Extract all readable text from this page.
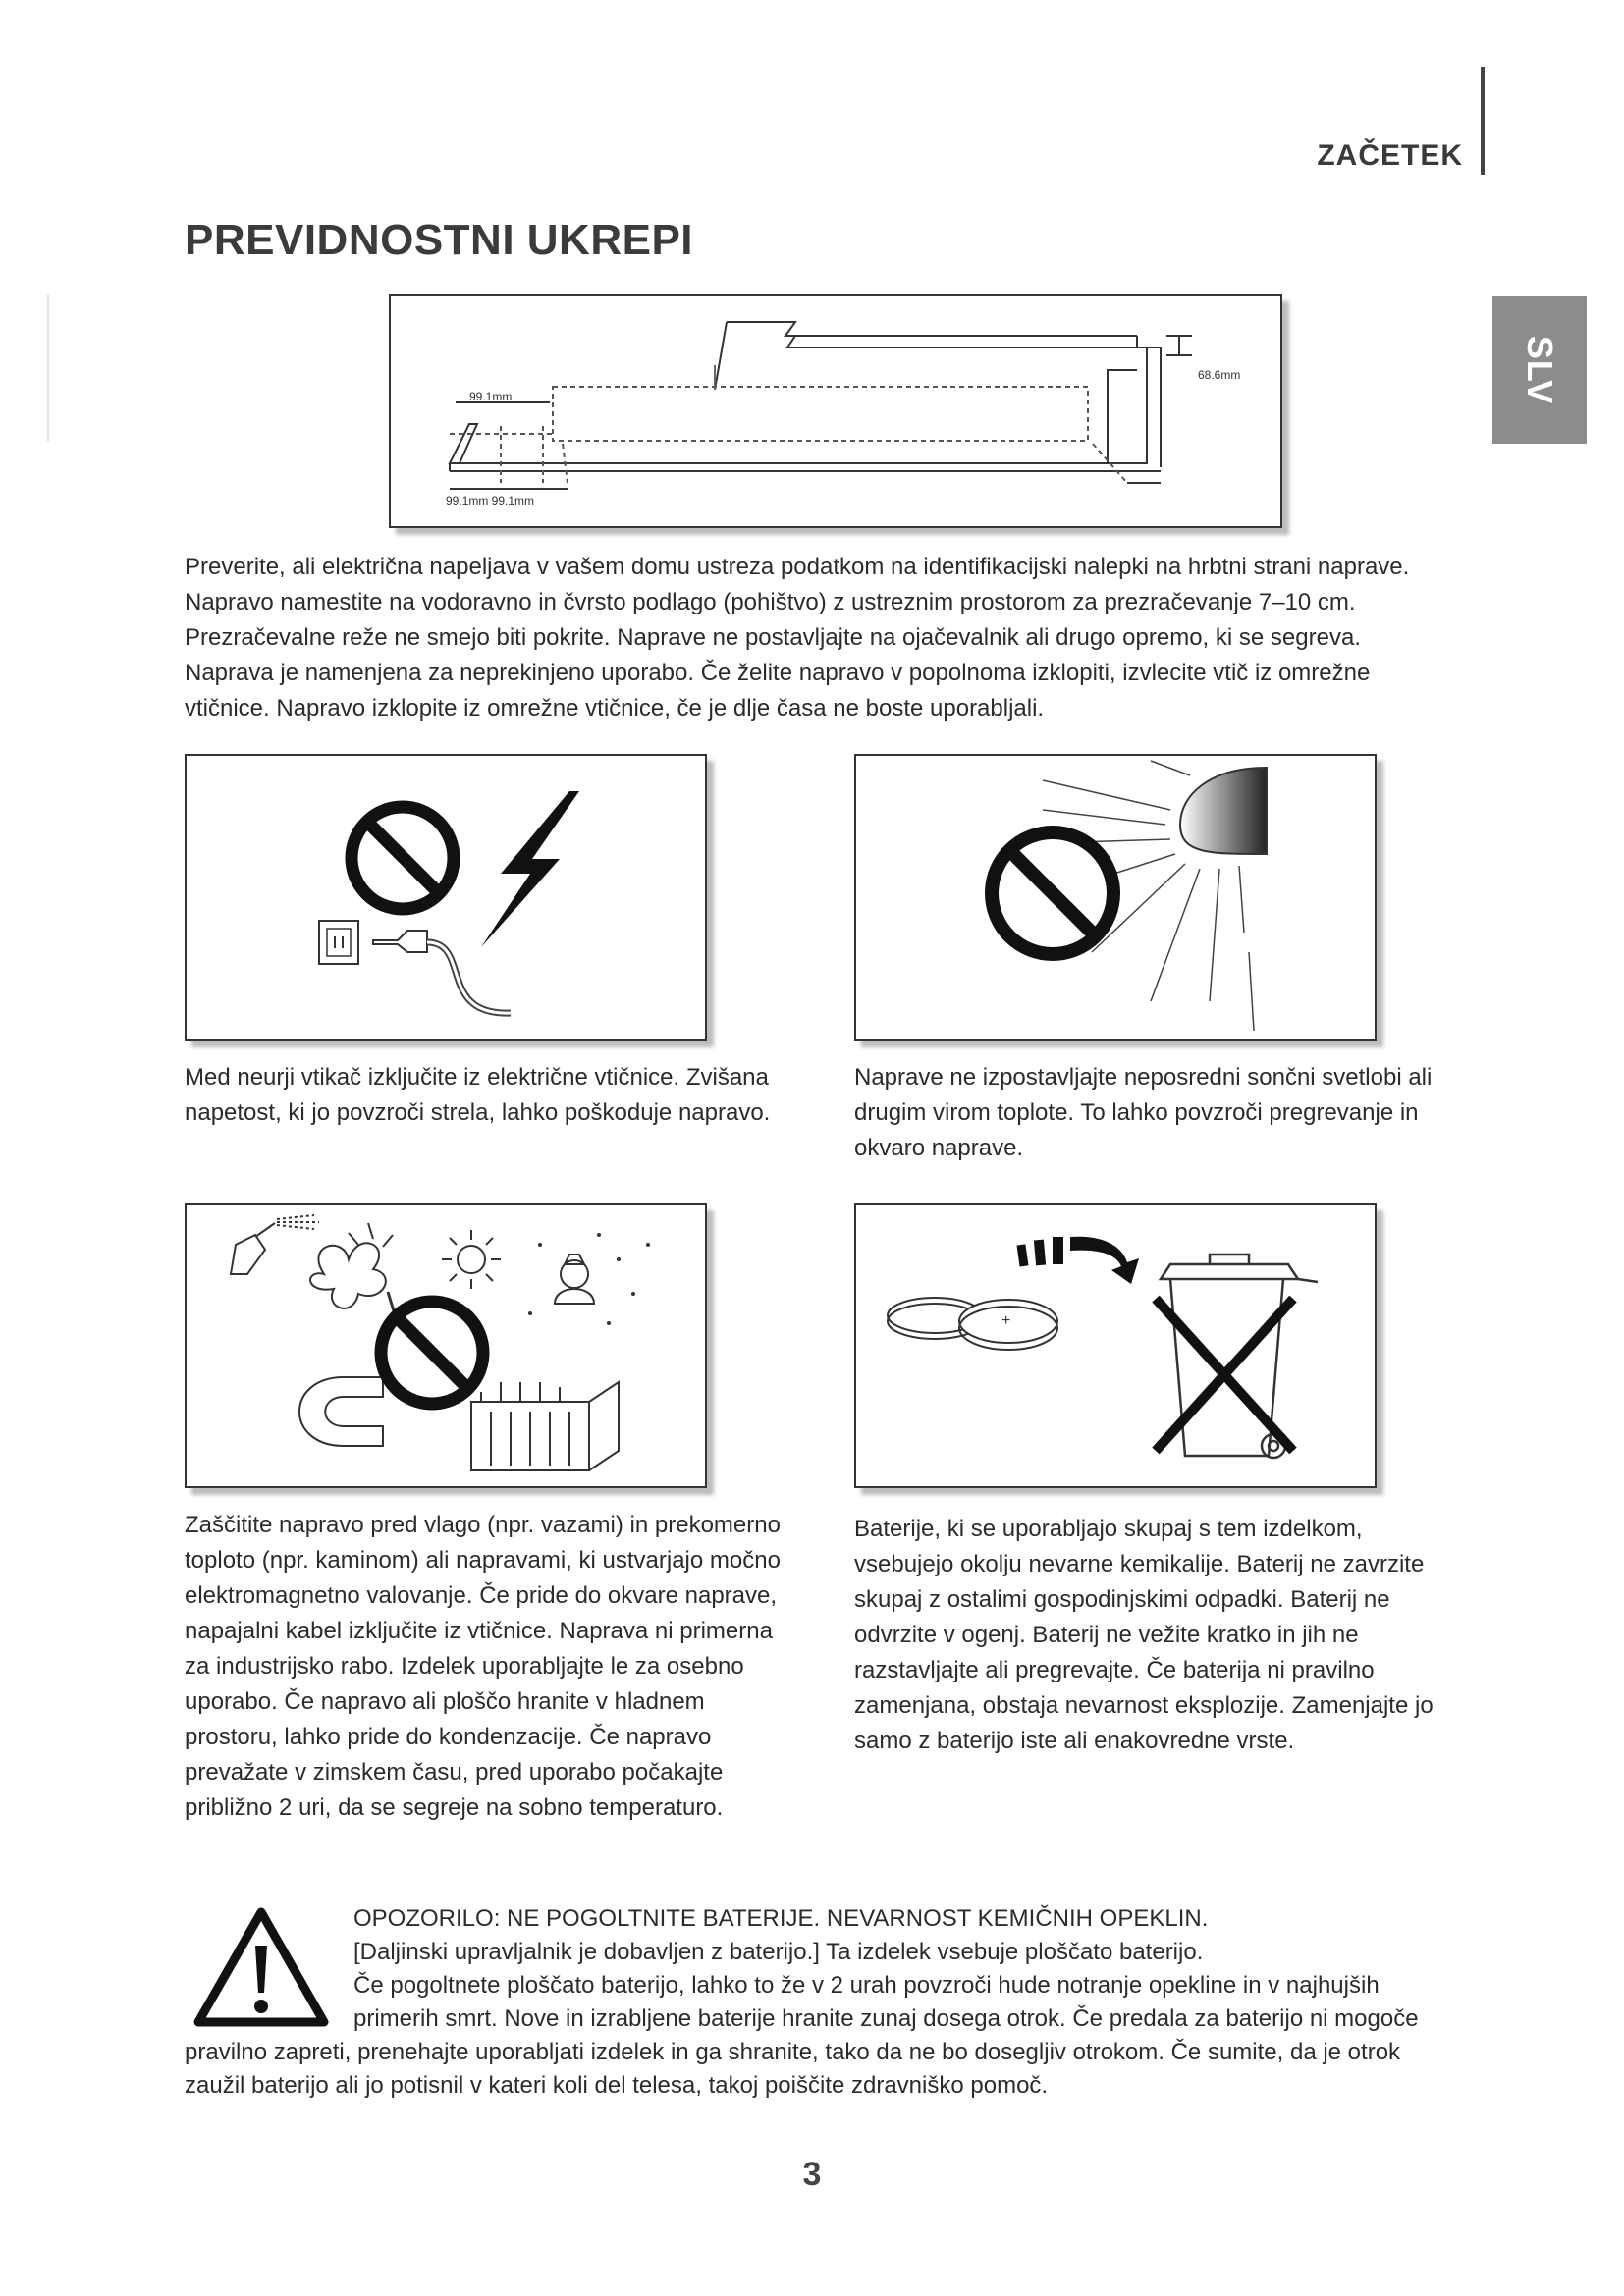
ZAČETEK
SLV
PREVIDNOSTNI UKREPI
68.6mm
99.1mm
99.1mm 99.1mm

Preverite, ali električna napeljava v vašem domu ustreza podatkom na identifikacijski nalepki na hrbtni strani naprave.

Napravo namestite na vodoravno in čvrsto podlago (pohištvo) z ustreznim prostorom za prezračevanje 7–10 cm.

Prezračevalne reže ne smejo biti pokrite. Naprave ne postavljajte na ojačevalnik ali drugo opremo, ki se segreva.

Naprava je namenjena za neprekinjeno uporabo. Če želite napravo v popolnoma izklopiti, izvlecite vtič iz omrežne

vtičnice. Napravo izklopite iz omrežne vtičnice, če je dlje časa ne boste uporabljali.

Med neurji vtikač izključite iz električne vtičnice. Zvišana

napetost, ki jo povzroči strela, lahko poškoduje napravo.

Naprave ne izpostavljajte neposredni sončni svetlobi ali

drugim virom toplote. To lahko povzroči pregrevanje in

okvaro naprave.

+

Zaščitite napravo pred vlago (npr. vazami) in prekomerno

toploto (npr. kaminom) ali napravami, ki ustvarjajo močno

elektromagnetno valovanje. Če pride do okvare naprave,

napajalni kabel izključite iz vtičnice. Naprava ni primerna

za industrijsko rabo. Izdelek uporabljajte le za osebno

uporabo. Če napravo ali ploščo hranite v hladnem

prostoru, lahko pride do kondenzacije. Če napravo

prevažate v zimskem času, pred uporabo počakajte

približno 2 uri, da se segreje na sobno temperaturo.

Baterije, ki se uporabljajo skupaj s tem izdelkom,

vsebujejo okolju nevarne kemikalije. Baterij ne zavrzite

skupaj z ostalimi gospodinjskimi odpadki. Baterij ne

odvrzite v ogenj. Baterij ne vežite kratko in jih ne

razstavljajte ali pregrevajte. Če baterija ni pravilno

zamenjana, obstaja nevarnost eksplozije. Zamenjajte jo

samo z baterijo iste ali enakovredne vrste.

OPOZORILO: NE POGOLTNITE BATERIJE. NEVARNOST KEMIČNIH OPEKLIN.
[Daljinski upravljalnik je dobavljen z baterijo.] Ta izdelek vsebuje ploščato baterijo.
Če pogoltnete ploščato baterijo, lahko to že v 2 urah povzroči hude notranje opekline in v najhujših
primerih smrt. Nove in izrabljene baterije hranite zunaj dosega otrok. Če predala za baterijo ni mogoče
pravilno zapreti, prenehajte uporabljati izdelek in ga shranite, tako da ne bo dosegljiv otrokom. Če sumite, da je otrok
zaužil baterijo ali jo potisnil v kateri koli del telesa, takoj poiščite zdravniško pomoč.
3
